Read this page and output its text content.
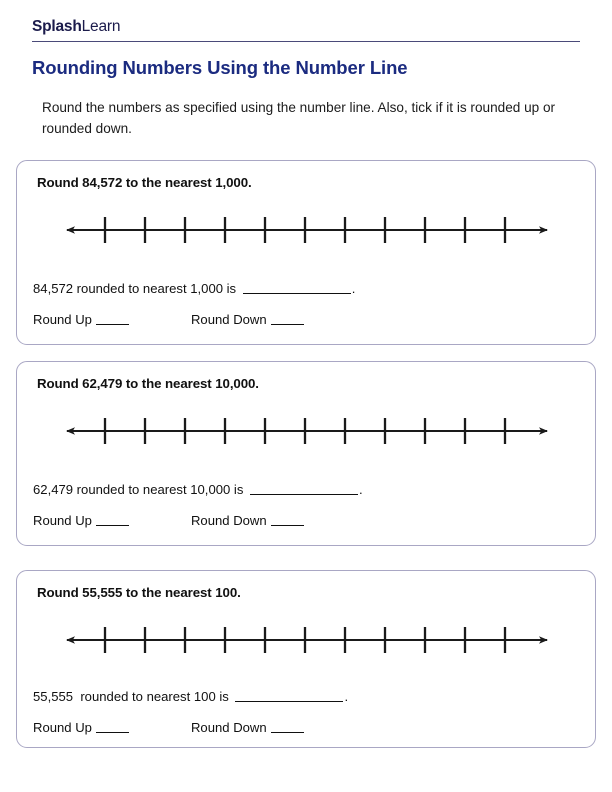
SplashLearn
Rounding Numbers Using the Number Line
Round the numbers as specified using the number line. Also, tick if it is rounded up or rounded down.
Round 84,572 to the nearest 1,000.
84,572 rounded to nearest 1,000 is	.
Round Up	Round Down
Round 62,479 to the nearest 10,000.
62,479 rounded to nearest 10,000 is	.
Round Up	Round Down
Round 55,555 to the nearest 100.
55,555  rounded to nearest 100 is	.
Round Up	Round Down
